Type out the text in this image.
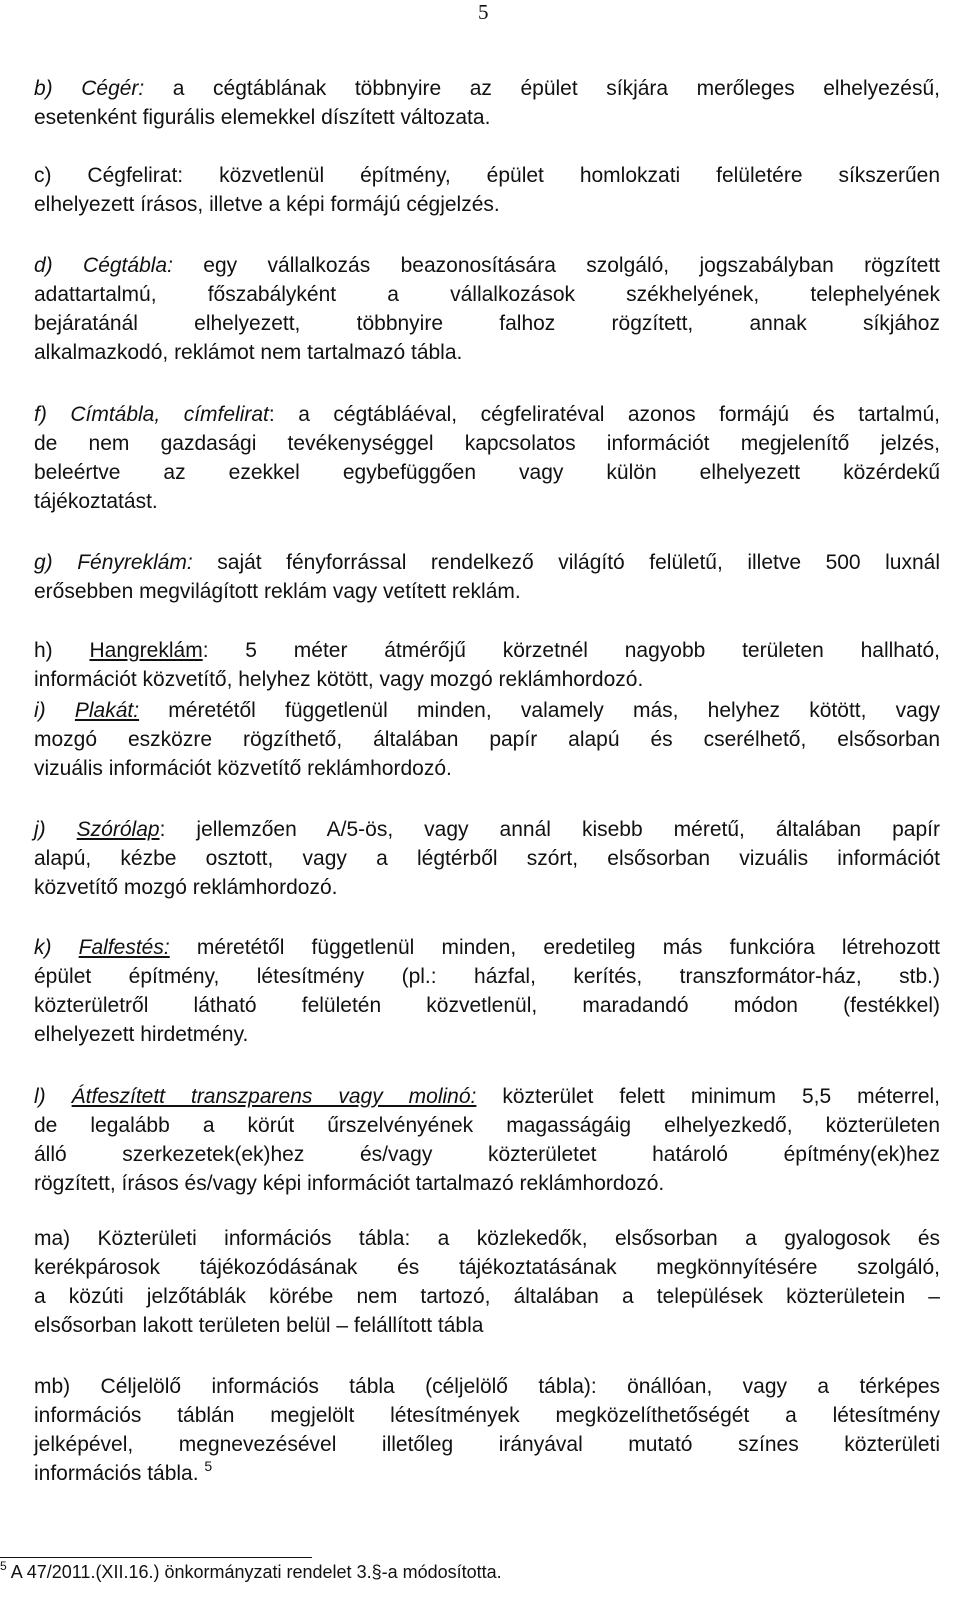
5
b) Cégér: a cégtáblának többnyire az épület síkjára merőleges elhelyezésű,
esetenként figurális elemekkel díszített változata.
c) Cégfelirat: közvetlenül építmény, épület homlokzati felületére síkszerűen
elhelyezett írásos, illetve a képi formájú cégjelzés.
d) Cégtábla: egy vállalkozás beazonosítására szolgáló, jogszabályban rögzített
adattartalmú, főszabályként a vállalkozások székhelyének, telephelyének
bejáratánál elhelyezett, többnyire falhoz rögzített, annak síkjához
alkalmazkodó, reklámot nem tartalmazó tábla.
f) Címtábla, címfelirat: a cégtábláéval, cégfeliratéval azonos formájú és tartalmú,
de nem gazdasági tevékenységgel kapcsolatos információt megjelenítő jelzés,
beleértve az ezekkel egybefüggően vagy külön elhelyezett közérdekű
tájékoztatást.
g) Fényreklám: saját fényforrással rendelkező világító felületű, illetve 500 luxnál
erősebben megvilágított reklám vagy vetített reklám.
h) Hangreklám: 5 méter átmérőjű körzetnél nagyobb területen hallható,
információt közvetítő, helyhez kötött, vagy mozgó reklámhordozó.
i) Plakát: méretétől függetlenül minden, valamely más, helyhez kötött, vagy
mozgó eszközre rögzíthető, általában papír alapú és cserélhető, elsősorban
vizuális információt közvetítő reklámhordozó.
j) Szórólap: jellemzően A/5-ös, vagy annál kisebb méretű, általában papír
alapú, kézbe osztott, vagy a légtérből szórt, elsősorban vizuális információt
közvetítő mozgó reklámhordozó.
k) Falfestés: méretétől függetlenül minden, eredetileg más funkcióra létrehozott
épület építmény, létesítmény (pl.: házfal, kerítés, transzformátor-ház, stb.)
közterületről látható felületén közvetlenül, maradandó módon (festékkel)
elhelyezett hirdetmény.
l) Átfeszített transzparens vagy molinó: közterület felett minimum 5,5 méterrel,
de legalább a körút űrszelvényének magasságáig elhelyezkedő, közterületen
álló szerkezetek(ek)hez és/vagy közterületet határoló építmény(ek)hez
rögzített, írásos és/vagy képi információt tartalmazó reklámhordozó.
ma) Közterületi információs tábla: a közlekedők, elsősorban a gyalogosok és
kerékpárosok tájékozódásának és tájékoztatásának megkönnyítésére szolgáló,
a közúti jelzőtáblák körébe nem tartozó, általában a települések közterületein –
elsősorban lakott területen belül – felállított tábla
mb) Céljelölő információs tábla (céljelölő tábla): önállóan, vagy a térképes
információs táblán megjelölt létesítmények megközelíthetőségét a létesítmény
jelképével, megnevezésével illetőleg irányával mutató színes közterületi
információs tábla. $^5$
$^5$ A 47/2011.(XII.16.) önkormányzati rendelet 3.§-a módosította.
